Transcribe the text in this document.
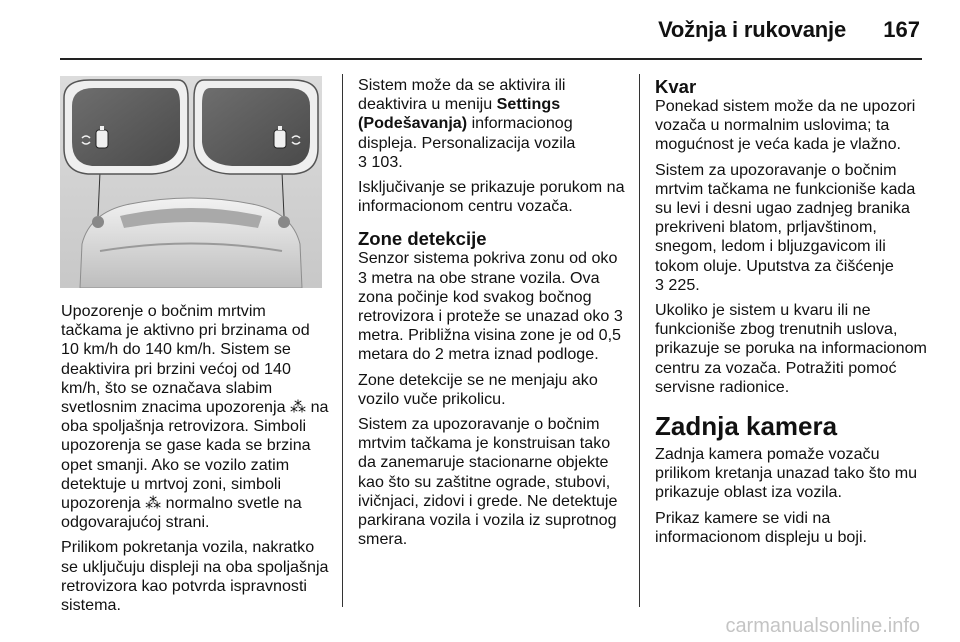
Vožnja i rukovanje 167

Upozorenje o bočnim mrtvim tačkama je aktivno pri brzinama od 10 km/h do 140 km/h. Sistem se deaktivira pri brzini većoj od 140 km/h, što se označava slabim svetlosnim znacima upozorenja ⁂ na oba spoljašnja retrovizora. Simboli upozorenja se gase kada se brzina opet smanji. Ako se vozilo zatim detektuje u mrtvoj zoni, simboli upozorenja ⁂ normalno svetle na odgovarajućoj strani.

Prilikom pokretanja vozila, nakratko se uključuju displeji na oba spoljašnja retrovizora kao potvrda ispravnosti sistema.

Sistem može da se aktivira ili deaktivira u meniju Settings (Podešavanja) informacionog displeja. Personalizacija vozila
3 103.

Isključivanje se prikazuje porukom na informacionom centru vozača.

Zone detekcije

Senzor sistema pokriva zonu od oko 3 metra na obe strane vozila. Ova zona počinje kod svakog bočnog retrovizora i proteže se unazad oko 3 metra. Približna visina zone je od 0,5 metara do 2 metra iznad podloge.

Zone detekcije se ne menjaju ako vozilo vuče prikolicu.

Sistem za upozoravanje o bočnim mrtvim tačkama je konstruisan tako da zanemaruje stacionarne objekte kao što su zaštitne ograde, stubovi, ivičnjaci, zidovi i grede. Ne detektuje parkirana vozila i vozila iz suprotnog smera.

Kvar

Ponekad sistem može da ne upozori vozača u normalnim uslovima; ta mogućnost je veća kada je vlažno.

Sistem za upozoravanje o bočnim mrtvim tačkama ne funkcioniše kada su levi i desni ugao zadnjeg branika prekriveni blatom, prljavštinom, snegom, ledom i bljuzgavicom ili tokom oluje. Uputstva za čišćenje
3 225.

Ukoliko je sistem u kvaru ili ne funkcioniše zbog trenutnih uslova, prikazuje se poruka na informacionom centru za vozača. Potražiti pomoć servisne radionice.

Zadnja kamera

Zadnja kamera pomaže vozaču prilikom kretanja unazad tako što mu prikazuje oblast iza vozila.

Prikaz kamere se vidi na informacionom displeju u boji.

carmanualsonline.info
